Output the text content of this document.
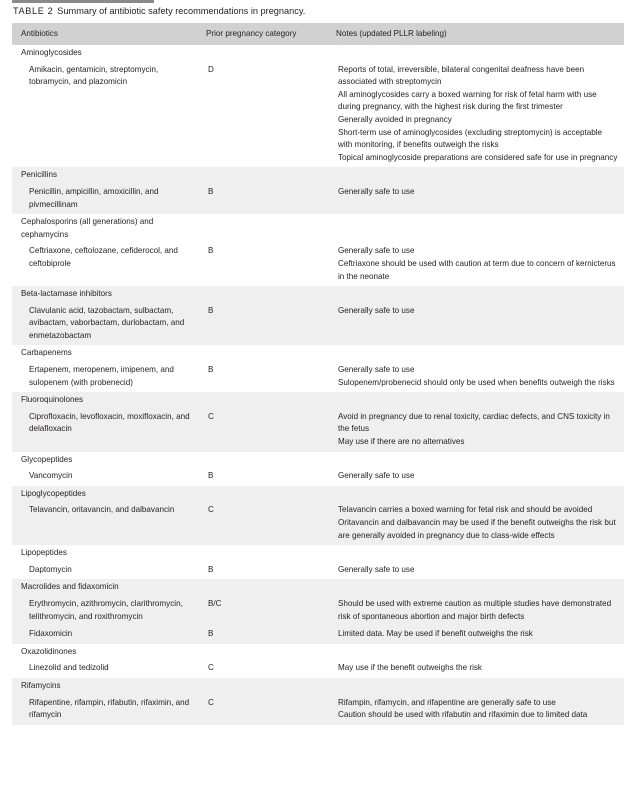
TABLE 2 Summary of antibiotic safety recommendations in pregnancy.
Antibiotics	Prior pregnancy category	Notes (updated PLLR labeling)
Aminoglycosides		
Amikacin, gentamicin, streptomycin, tobramycin, and plazomicin	D	Reports of total, irreversible, bilateral congenital deafness have been associated with streptomycin
All aminoglycosides carry a boxed warning for risk of fetal harm with use during pregnancy, with the highest risk during the first trimester
Generally avoided in pregnancy
Short-term use of aminoglycosides (excluding streptomycin) is acceptable with monitoring, if benefits outweigh the risks
Topical aminoglycoside preparations are considered safe for use in pregnancy

Penicillins		
Penicillin, ampicillin, amoxicillin, and pivmecillinam	B	Generally safe to use

Cephalosporins (all generations) and cephamycins		
Ceftriaxone, ceftolozane, cefiderocol, and ceftobiprole	B	Generally safe to use
Ceftriaxone should be used with caution at term due to concern of kernicterus in the neonate

Beta-lactamase inhibitors		
Clavulanic acid, tazobactam, sulbactam, avibactam, vaborbactam, durlobactam, and enmetazobactam	B	Generally safe to use

Carbapenems		
Ertapenem, meropenem, imipenem, and sulopenem (with probenecid)	B	Generally safe to use
Sulopenem/probenecid should only be used when benefits outweigh the risks

Fluoroquinolones		
Ciprofloxacin, levofloxacin, moxifloxacin, and delafloxacin	C	Avoid in pregnancy due to renal toxicity, cardiac defects, and CNS toxicity in the fetus
May use if there are no alternatives

Glycopeptides		
Vancomycin	B	Generally safe to use

Lipoglycopeptides		
Telavancin, oritavancin, and dalbavancin	C	Telavancin carries a boxed warning for fetal risk and should be avoided
Oritavancin and dalbavancin may be used if the benefit outweighs the risk but are generally avoided in pregnancy due to class-wide effects

Lipopeptides		
Daptomycin	B	Generally safe to use

Macrolides and fidaxomicin		
Erythromycin, azithromycin, clarithromycin, telithromycin, and roxithromycin	B/C	Should be used with extreme caution as multiple studies have demonstrated risk of spontaneous abortion and major birth defects

Fidaxomicin	B	Limited data. May be used if benefit outweighs the risk

Oxazolidinones		
Linezolid and tedizolid	C	May use if the benefit outweighs the risk

Rifamycins		
Rifapentine, rifampin, rifabutin, rifaximin, and rifamycin	C	Rifampin, rifamycin, and rifapentine are generally safe to use
Caution should be used with rifabutin and rifaximin due to limited data
